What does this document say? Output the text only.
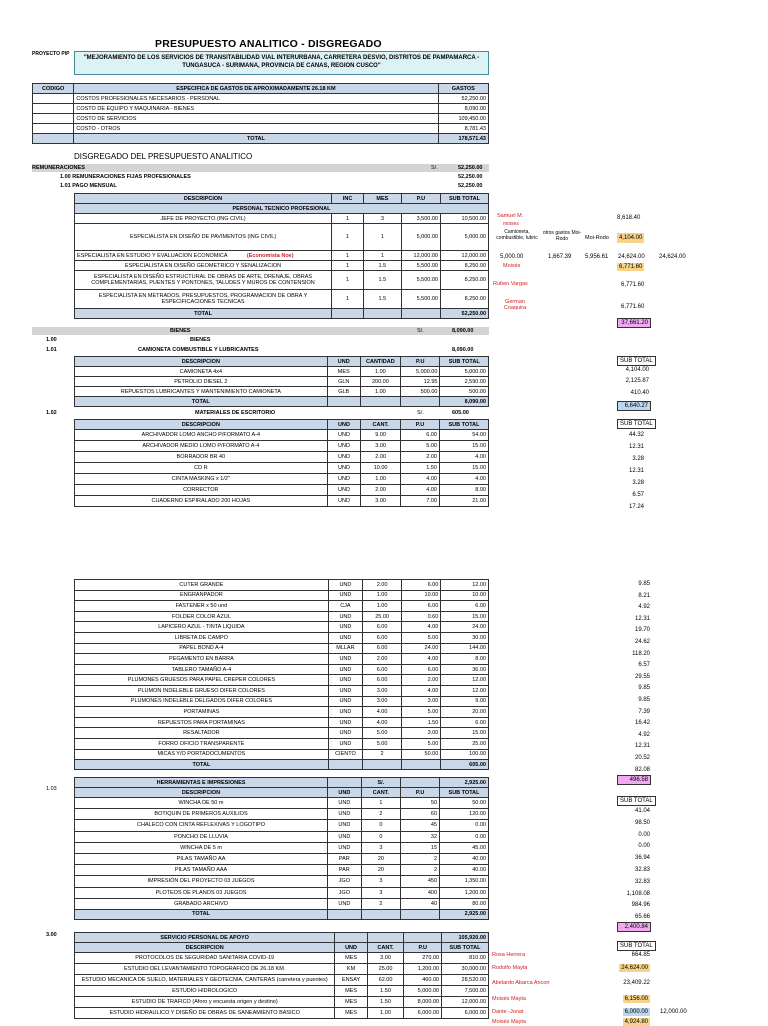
PRESUPUESTO ANALITICO - DISGREGADO
PROYECTO PIP
"MEJORAMIENTO DE LOS SERVICIOS DE TRANSITABILIDAD VIAL INTERURBANA, CARRETERA DESVIO, DISTRITOS DE PAMPAMARCA - TUNGASUCA - SURIMANA, PROVINCIA DE CANAS, REGION CUSCO"
CODIGO	ESPECIFICA DE GASTOS DE APROXIMADAMENTE 26.18 KM	GASTOS
	COSTOS PROFESIONALES NECESARIOS - PERSONAL	52,250.00
	COSTO DE EQUIPO Y MAQUINARIA - BIENES	8,090.00
	COSTO DE SERVICIOS	109,450.00
	COSTO - OTROS	8,781.43
	TOTAL	178,571.43
DISGREGADO DEL PRESUPUESTO ANALITICO
REMUNERACIONES	S/.	52,250.00
1.00 REMUNERACIONES FIJAS PROFESIONALES	52,250.00
1.01 PAGO MENSUAL	52,250.00
DESCRIPCION	INC	MES	P.U	SUB TOTAL
PERSONAL TECNICO PROFESIONAL				
JEFE DE PROYECTO (ING CIVIL)	1	3	3,500.00	10,500.00
ESPECIALISTA EN DISEÑO DE PAVIMENTOS (ING CIVIL)	1	1	5,000.00	5,000.00
ESPECIALISTA EN ESTUDIO Y EVALUACION ECONOMICA (Economista Noe)	1	1	12,000.00	12,000.00
ESPECIALISTA EN DISEÑO GEOMETRICO Y SENALIZACION	1	1.5	5,500.00	8,250.00
ESPECIALISTA EN DISEÑO ESTRUCTURAL DE OBRAS DE ARTE, DRENAJE, OBRAS COMPLEMENTARIAS, PUENTES Y PONTONES, TALUDES Y MUROS DE CONTENSION	1	1.5	5,500.00	8,250.00
ESPECIALISTA EN METRADOS, PRESUPUESTOS, PROGRAMACION DE OBRA Y ESPECIFICACIONES TECNICAS	1	1.5	5,500.00	8,250.00
TOTAL				52,250.00
BIENES	S/.	8,090.00
Samuel M.
moises
Camioneta, combustible, lubric
otros gastos Moi-Rodo	Moi-Rodo
8,618.40
4,104.00
5,000.00	1,667.39 5,956.61 24,624.00 24,624.00
Moisés	6,771.60
Ruben Vargas	6,771.60
German Coaquira	6,771.60
37,661.20
1.00	BIENES
1.01	CAMIONETA COMBUSTIBLE Y LUBRICANTES	8,090.00
DESCRIPCION	UND	CANTIDAD	P.U	SUB TOTAL
CAMIONETA 4x4	MES	1.00	5,000.00	5,000.00
PETROLIO DIESEL 2	GLN	200.00	12.95	2,590.00
REPUESTOS LUBRICANTES Y MANTENIMIENTO CAMIONETA	GLB	1.00	500.00	500.00
TOTAL				8,090.00
SUB TOTAL
4,104.00
2,125.87
410.40
6,640.27
1.02	MATERIALES DE ESCRITORIO	S/.	605.00
DESCRIPCION	UND	CANT.	P.U	SUB TOTAL
ARCHIVADOR LOMO ANCHO P/FORMATO A-4	UND	9.00	6.00	54.00
ARCHIVADOR MEDIO LOMO P/FORMATO A-4	UND	3.00	5.00	15.00
BORRADOR BR 40	UND	2.00	2.00	4.00
CD R	UND	10.00	1.50	15.00
CINTA MASKING x 1/2"	UND	1.00	4.00	4.00
CORRECTOR	UND	2.00	4.00	8.00
CUADERNO ESPIRALADO 200 HOJAS	UND	3.00	7.00	21.00
SUB TOTAL
44.32
12.31
3.28
12.31
3.28
6.57
17.24
CUTER GRANDE	UND	2.00	6.00	12.00
ENGRANPADOR	UND	1.00	10.00	10.00
FASTENER x 50 und	CJA	1.00	6.00	6.00
FOLDER COLOR AZUL	UND	25.00	0.60	15.00
LAPICERO AZUL - TINTA LIQUIDA	UND	6.00	4.00	24.00
LIBRETA DE CAMPO	UND	6.00	5.00	30.00
PAPEL BOND A-4	MLLAR	6.00	24.00	144.00
PEGAMENTO EN BARRA	UND	2.00	4.00	8.00
TABLERO TAMAÑO A-4	UND	6.00	6.00	36.00
PLUMONES GRUESOS PARA PAPEL CREPER COLORES	UND	6.00	2.00	12.00
PLUMON INDELEBLE GRUESO DIFER COLORES	UND	3.00	4.00	12.00
PLUMONES INDELEBLE DELGADOS DIFER COLORES	UND	3.00	3.00	9.00
PORTAMINAS	UND	4.00	5.00	20.00
REPUESTOS PARA PORTAMINAS	UND	4.00	1.50	6.00
RESALTADOR	UND	5.00	3.00	15.00
FORRO OFICIO TRANSPARENTE	UND	5.00	5.00	25.00
MICAS Y/O PORTADOCUMENTOS	CIENTO	2	50.00	100.00
TOTAL				605.00
9.85
8.21
4.92
12.31
19.70
24.62
118.20
6.57
29.55
9.85
9.85
7.39
16.42
4.92
12.31
20.52
82.08
496.58
1.03
HERRAMIENTAS E IMPRESIONES		S/.		2,925.00
DESCRIPCION	UND	CANT.	P.U	SUB TOTAL
WINCHA DE 50 m	UND	1	50	50.00
BOTIQUIN DE PRIMEROS AUXILIOS	UND	2	60	120.00
CHALECO CON CINTA REFLEXIVAS Y LOGOTIPO	UND	0	45	0.00
PONCHO DE LLUVIA	UND	0	32	0.00
WINCHA DE 5 m	UND	3	15	45.00
PILAS TAMAÑO AA	PAR	20	2	40.00
PILAS TAMAÑO AAA	PAR	20	2	40.00
IMPRESIÓN DEL PROYECTO 03 JUEGOS	JGO	3	450	1,350.00
PLOTEOS DE PLANOS 03 JUEGOS	JGO	3	400	1,200.00
GRABADO ARCHIVO	UND	2	40	80.00
TOTAL				2,925.00
SUB TOTAL
41.04
98.50
0.00
0.00
36.94
32.83
32.83
1,108.08
984.96
65.66
2,400.84
SERVICIO PERSONAL DE APOYO				105,920.00
DESCRIPCION	UND	CANT.	P.U	SUB TOTAL
PROTOCOLOS DE SEGURIDAD SANITARIA COVID-19	MES	3.00	270.00	810.00
ESTUDIO DEL LEVANTAMIENTO TOPOGRAFICO DE 26.18 KM.	KM	25.00	1,200.00	30,000.00
ESTUDIO MECANICA DE SUELO, MATERIALES Y GEOTECNIA, CANTERAS (carretera y puentes)	ENSAY	62.00	460.00	28,520.00
ESTUDIO HIDROLOGICO	MES	1.50	5,000.00	7,500.00
ESTUDIO DE TRAFICO (Aforo y encuesta origen y destino)	MES	1.50	8,000.00	12,000.00
ESTUDIO HIDRAULICO Y DISEÑO DE OBRAS DE SANEAMIENTO BASICO	MES	1.00	6,000.00	6,000.00
SUB TOTAL
Rosa Herrera
Rodolfo Mayta
Abelardo Abarca Ancori
Moisés Mayta
Dante -Jonat
Moisés Mayta
664.85
24,624.00
23,409.22
6,156.00
6,000.00
4,924.80
12,000.00
3.00
